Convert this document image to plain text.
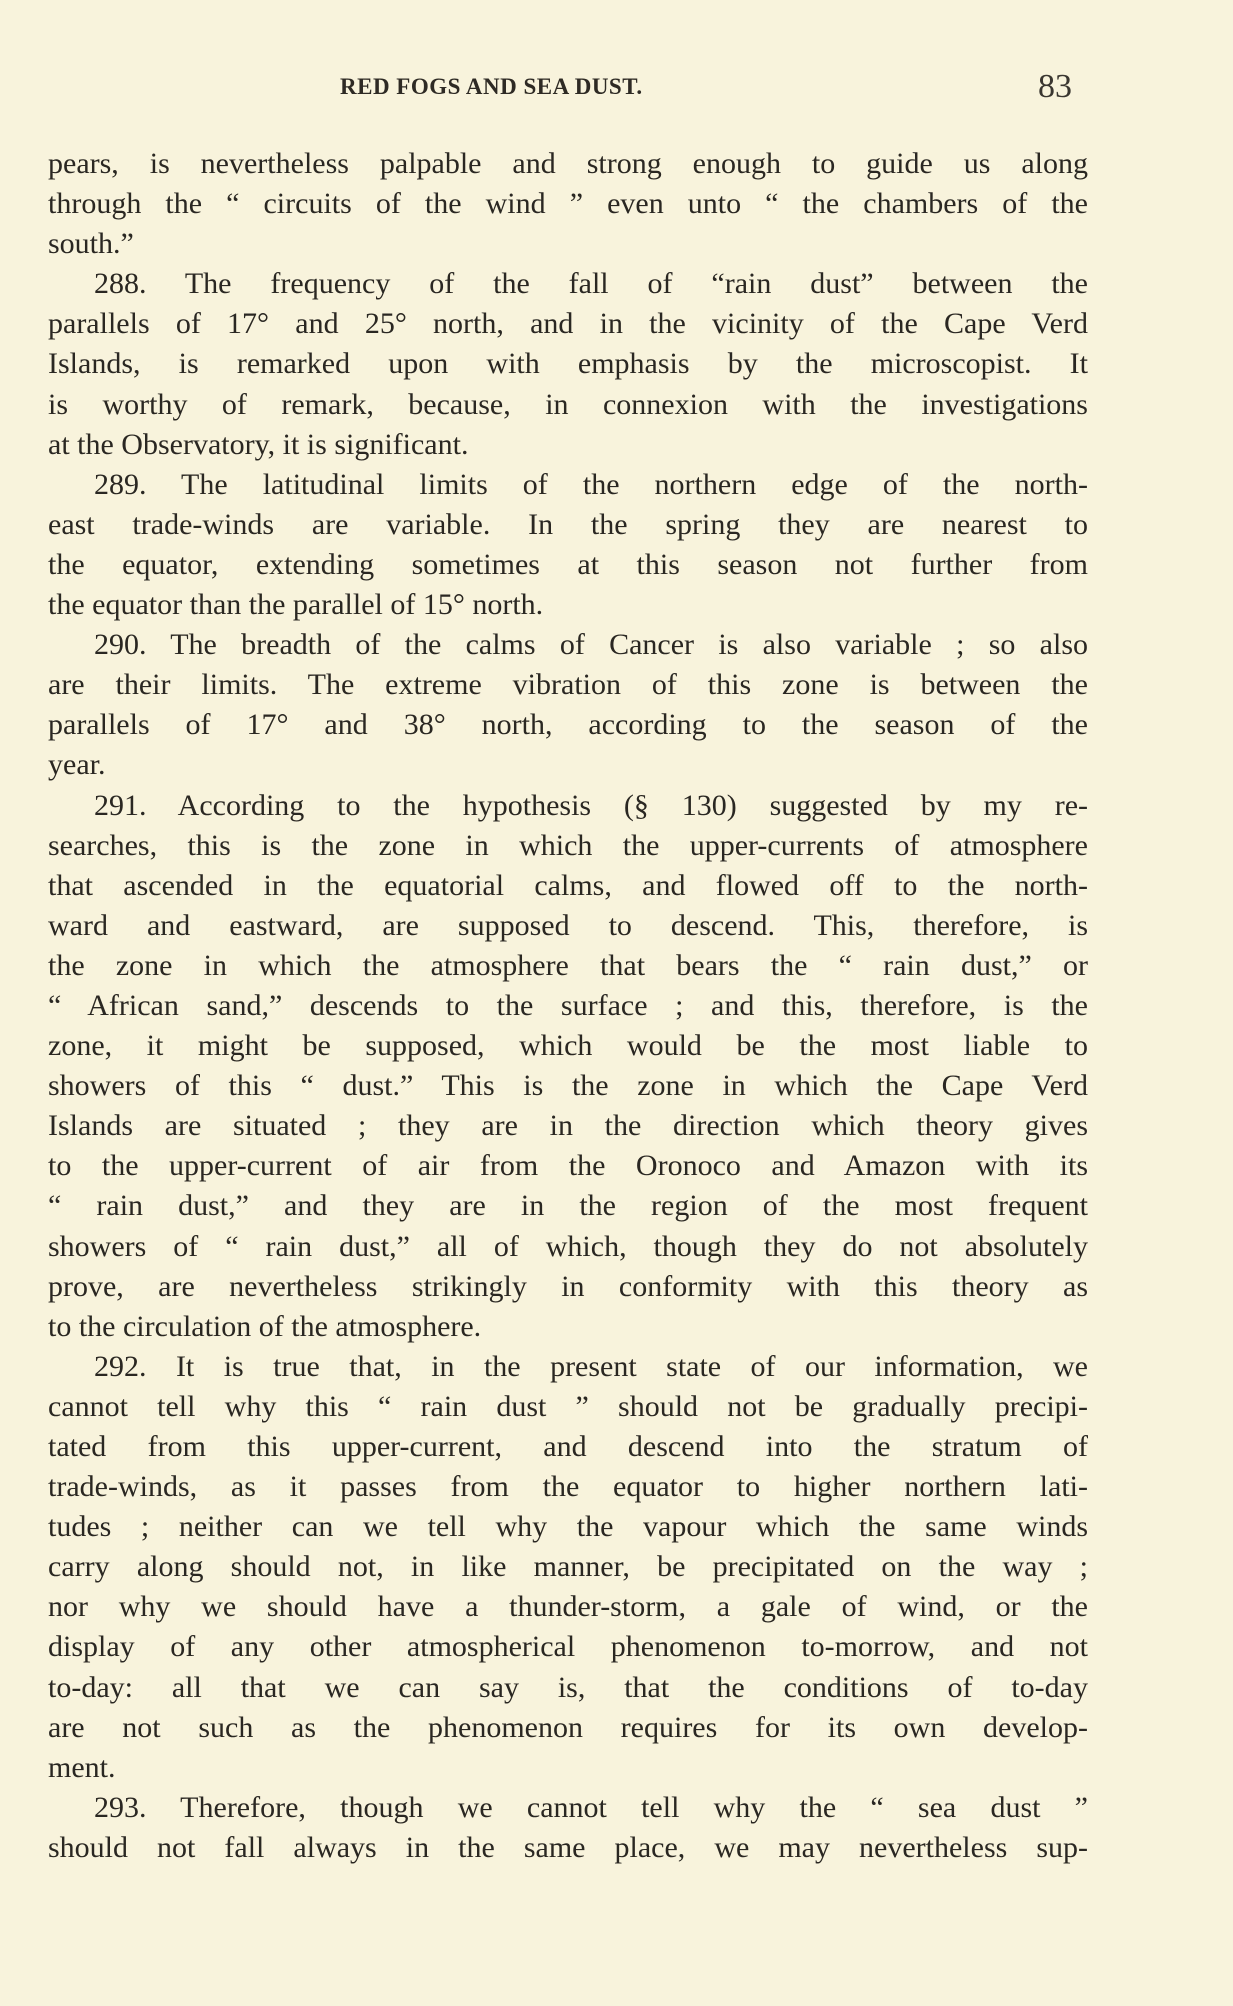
RED FOGS AND SEA DUST.	83
pears, is nevertheless palpable and strong enough to guide us along
through the “ circuits of the wind ” even unto “ the chambers of the
south.”
288. The frequency of the fall of “rain dust” between the
parallels of 17° and 25° north, and in the vicinity of the Cape Verd
Islands, is remarked upon with emphasis by the microscopist. It
is worthy of remark, because, in connexion with the investigations
at the Observatory, it is significant.
289. The latitudinal limits of the northern edge of the north-
east trade-winds are variable. In the spring they are nearest to
the equator, extending sometimes at this season not further from
the equator than the parallel of 15° north.
290. The breadth of the calms of Cancer is also variable ; so also
are their limits. The extreme vibration of this zone is between the
parallels of 17° and 38° north, according to the season of the
year.
291. According to the hypothesis (§ 130) suggested by my re-
searches, this is the zone in which the upper-currents of atmosphere
that ascended in the equatorial calms, and flowed off to the north-
ward and eastward, are supposed to descend. This, therefore, is
the zone in which the atmosphere that bears the “ rain dust,” or
“ African sand,” descends to the surface ; and this, therefore, is the
zone, it might be supposed, which would be the most liable to
showers of this “ dust.” This is the zone in which the Cape Verd
Islands are situated ; they are in the direction which theory gives
to the upper-current of air from the Oronoco and Amazon with its
“ rain dust,” and they are in the region of the most frequent
showers of “ rain dust,” all of which, though they do not absolutely
prove, are nevertheless strikingly in conformity with this theory as
to the circulation of the atmosphere.
292. It is true that, in the present state of our information, we
cannot tell why this “ rain dust ” should not be gradually precipi-
tated from this upper-current, and descend into the stratum of
trade-winds, as it passes from the equator to higher northern lati-
tudes ; neither can we tell why the vapour which the same winds
carry along should not, in like manner, be precipitated on the way ;
nor why we should have a thunder-storm, a gale of wind, or the
display of any other atmospherical phenomenon to-morrow, and not
to-day: all that we can say is, that the conditions of to-day
are not such as the phenomenon requires for its own develop-
ment.
293. Therefore, though we cannot tell why the “ sea dust ”
should not fall always in the same place, we may nevertheless sup-
